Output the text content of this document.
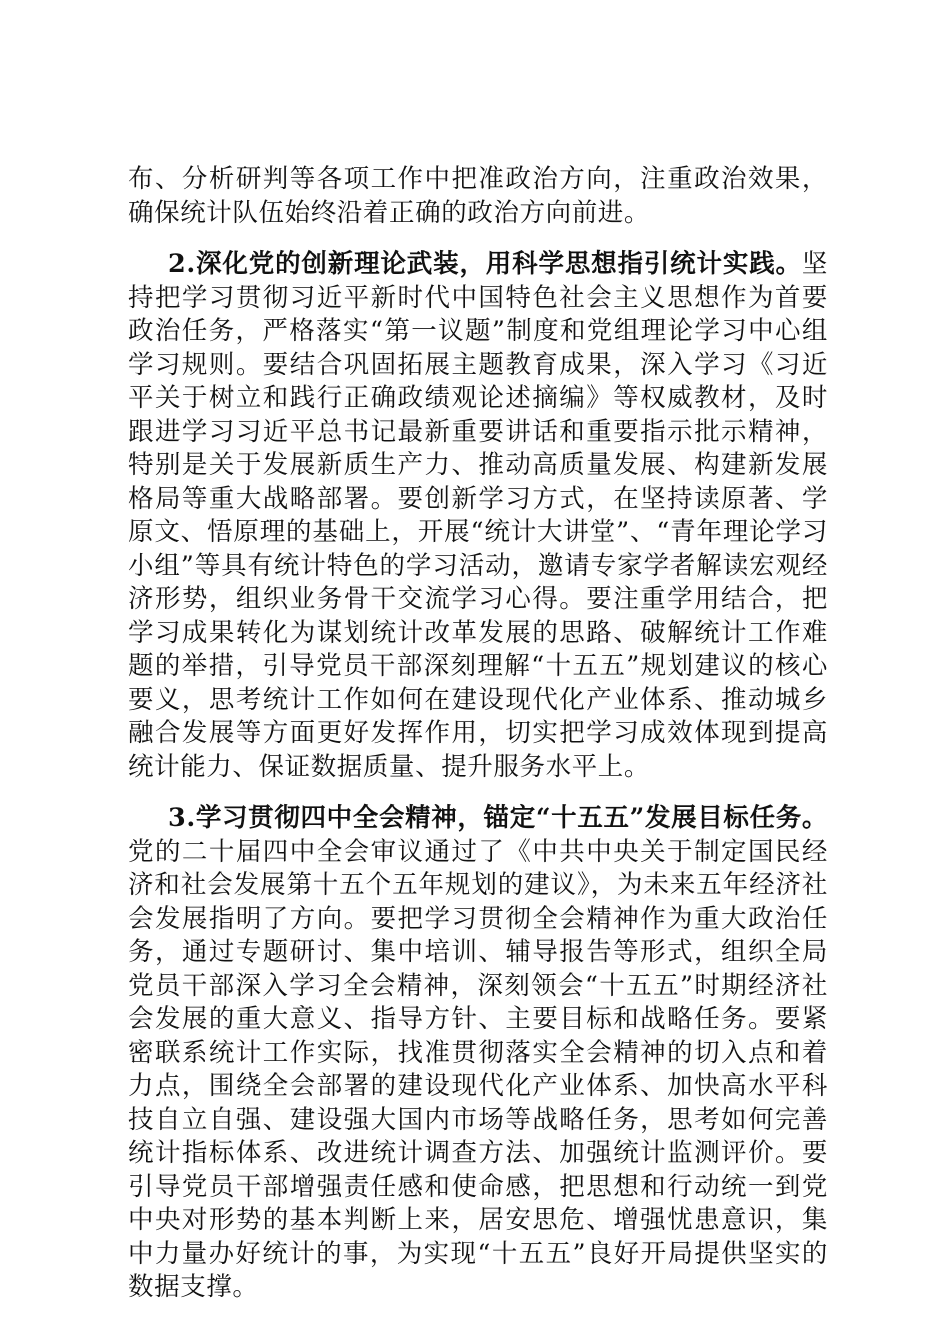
布、分析研判等各项工作中把准政治方向，注重政治效果，确保统计队伍始终沿着正确的政治方向前进。

2.深化党的创新理论武装，用科学思想指引统计实践。坚持把学习贯彻习近平新时代中国特色社会主义思想作为首要政治任务，严格落实“第一议题”制度和党组理论学习中心组学习规则。要结合巩固拓展主题教育成果，深入学习《习近平关于树立和践行正确政绩观论述摘编》等权威教材，及时跟进学习习近平总书记最新重要讲话和重要指示批示精神，特别是关于发展新质生产力、推动高质量发展、构建新发展格局等重大战略部署。要创新学习方式，在坚持读原著、学原文、悟原理的基础上，开展“统计大讲堂”、“青年理论学习小组”等具有统计特色的学习活动，邀请专家学者解读宏观经济形势，组织业务骨干交流学习心得。要注重学用结合，把学习成果转化为谋划统计改革发展的思路、破解统计工作难题的举措，引导党员干部深刻理解“十五五”规划建议的核心要义，思考统计工作如何在建设现代化产业体系、推动城乡融合发展等方面更好发挥作用，切实把学习成效体现到提高统计能力、保证数据质量、提升服务水平上。

3.学习贯彻四中全会精神，锚定“十五五”发展目标任务。党的二十届四中全会审议通过了《中共中央关于制定国民经济和社会发展第十五个五年规划的建议》，为未来五年经济社会发展指明了方向。要把学习贯彻全会精神作为重大政治任务，通过专题研讨、集中培训、辅导报告等形式，组织全局党员干部深入学习全会精神，深刻领会“十五五”时期经济社会发展的重大意义、指导方针、主要目标和战略任务。要紧密联系统计工作实际，找准贯彻落实全会精神的切入点和着力点，围绕全会部署的建设现代化产业体系、加快高水平科技自立自强、建设强大国内市场等战略任务，思考如何完善统计指标体系、改进统计调查方法、加强统计监测评价。要引导党员干部增强责任感和使命感，把思想和行动统一到党中央对形势的基本判断上来，居安思危、增强忧患意识，集中力量办好统计的事，为实现“十五五”良好开局提供坚实的数据支撑。
